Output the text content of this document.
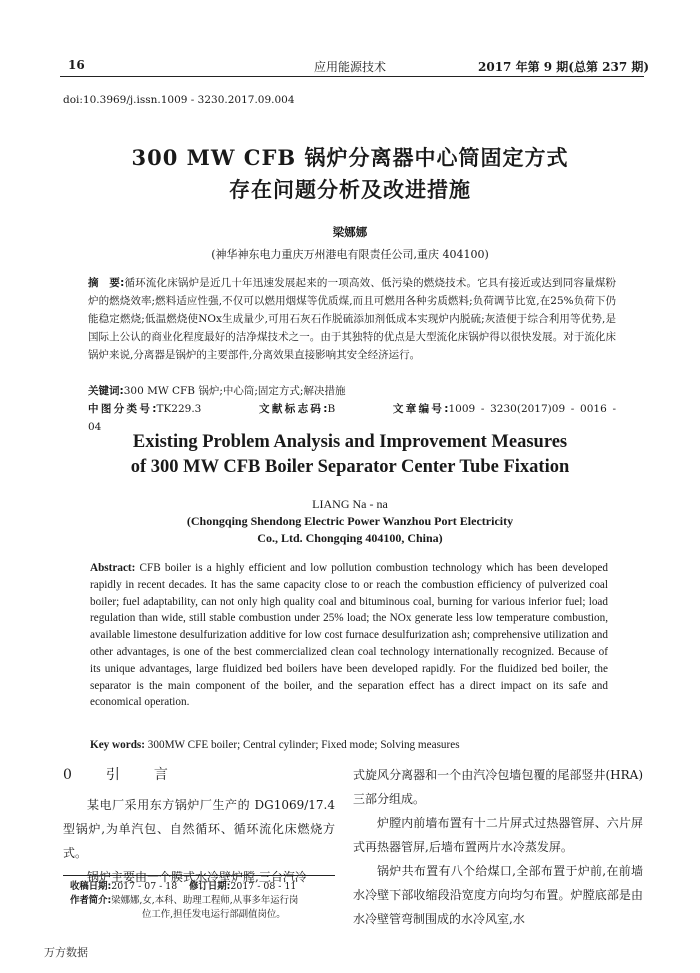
16	应用能源技术	2017 年第 9 期(总第 237 期)
doi:10.3969/j.issn.1009 - 3230.2017.09.004
300 MW CFB 锅炉分离器中心筒固定方式
存在问题分析及改进措施
梁娜娜
(神华神东电力重庆万州港电有限责任公司,重庆 404100)
摘　要:循环流化床锅炉是近几十年迅速发展起来的一项高效、低污染的燃烧技术。它具有接近或达到同容量煤粉炉的燃烧效率;燃料适应性强,不仅可以燃用烟煤等优质煤,而且可燃用各种劣质燃料;负荷调节比宽,在25%负荷下仍能稳定燃烧;低温燃烧使NOx生成量少,可用石灰石作脱硫添加剂低成本实现炉内脱硫;灰渣便于综合利用等优势,是国际上公认的商业化程度最好的洁净煤技术之一。由于其独特的优点是大型流化床锅炉得以很快发展。对于流化床锅炉来说,分离器是锅炉的主要部件,分离效果直接影响其安全经济运行。
关键词:300 MW CFB 锅炉;中心筒;固定方式;解决措施
中图分类号:TK229.3	文献标志码:B	文章编号:1009 - 3230(2017)09 - 0016 - 04
Existing Problem Analysis and Improvement Measures
of 300 MW CFB Boiler Separator Center Tube Fixation
LIANG Na - na
(Chongqing Shendong Electric Power Wanzhou Port Electricity
Co., Ltd. Chongqing 404100, China)
Abstract: CFB boiler is a highly efficient and low pollution combustion technology which has been developed rapidly in recent decades. It has the same capacity close to or reach the combustion efficiency of pulverized coal boiler; fuel adaptability, can not only high quality coal and bituminous coal, burning for various inferior fuel; load regulation than wide, still stable combustion under 25% load; the NOx generate less low temperature combustion, available limestone desulfurization additive for low cost furnace desulfurization ash; comprehensive utilization and other advantages, is one of the best commercialized clean coal technology internationally recognized. Because of its unique advantages, large fluidized bed boilers have been developed rapidly. For the fluidized bed boiler, the separator is the main component of the boiler, and the separation effect has a direct impact on its safe and economical operation.
Key words: 300MW CFE boiler; Central cylinder; Fixed mode; Solving measures
0　引　言
某电厂采用东方锅炉厂生产的 DG1069/17.4 型锅炉,为单汽包、自然循环、循环流化床燃烧方式。
锅炉主要由一个膜式水冷壁炉膛,三台汽冷
式旋风分离器和一个由汽冷包墙包覆的尾部竖井(HRA)三部分组成。
炉膛内前墙布置有十二片屏式过热器管屏、六片屏式再热器管屏,后墙布置两片水冷蒸发屏。
锅炉共布置有八个给煤口,全部布置于炉前,在前墙水冷壁下部收缩段沿宽度方向均匀布置。炉膛底部是由水冷壁管弯制围成的水冷风室,水
收稿日期:2017 - 07 - 18 修订日期:2017 - 08 - 11
作者简介:梁娜娜,女,本科、助理工程师,从事多年运行岗
位工作,担任发电运行部副值岗位。
万方数据
